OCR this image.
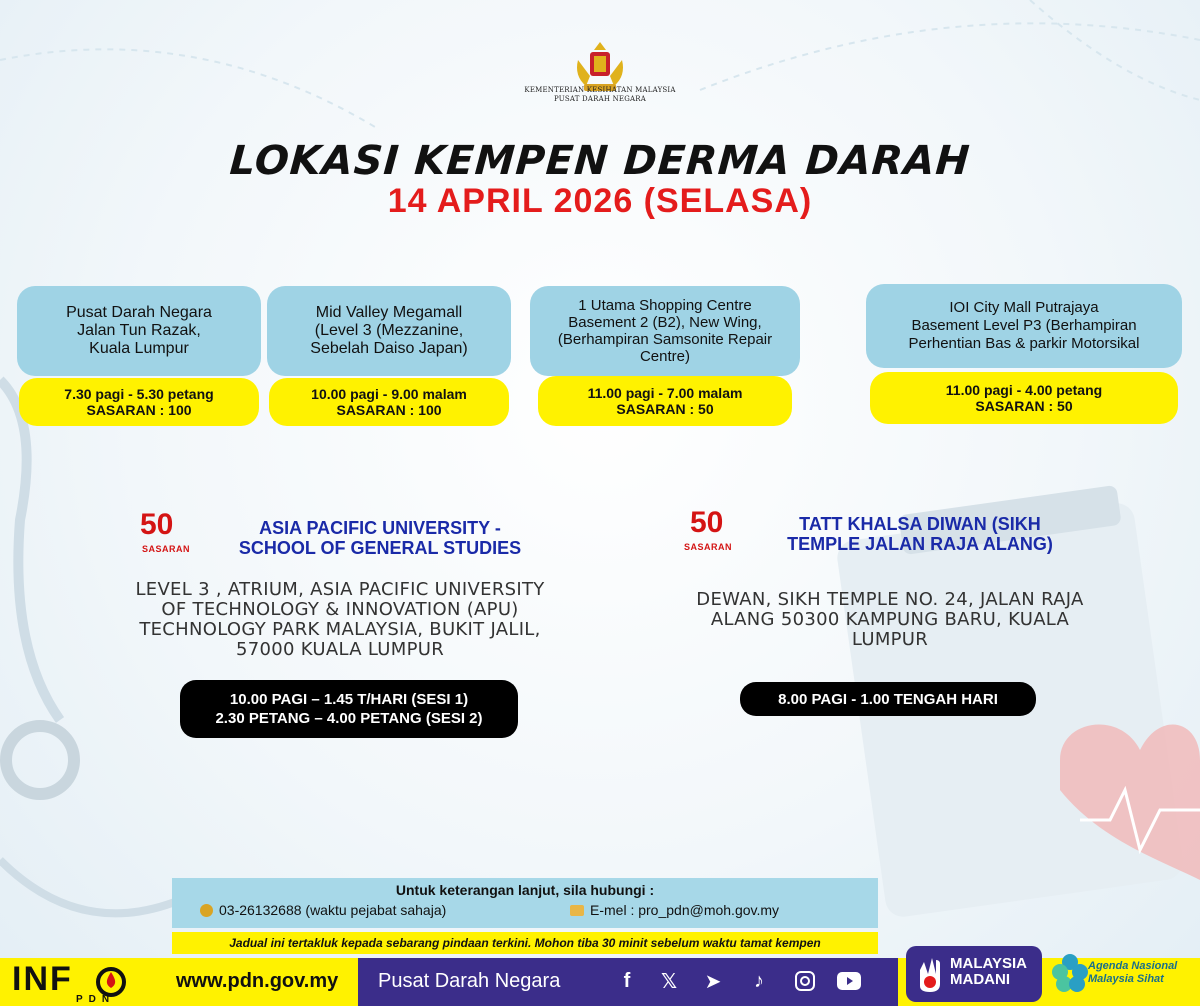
KEMENTERIAN KESIHATAN MALAYSIA
PUSAT DARAH NEGARA
LOKASI KEMPEN DERMA DARAH
14 APRIL 2026 (SELASA)
Pusat Darah Negara
Jalan Tun Razak,
Kuala Lumpur
7.30 pagi - 5.30 petang
SASARAN : 100
Mid Valley Megamall
(Level 3 (Mezzanine,
Sebelah Daiso Japan)
10.00 pagi - 9.00 malam
SASARAN : 100
1 Utama Shopping Centre
Basement 2 (B2), New Wing,
(Berhampiran Samsonite Repair
Centre)
11.00 pagi - 7.00 malam
SASARAN : 50
IOI City Mall Putrajaya
Basement Level P3 (Berhampiran
Perhentian Bas & parkir Motorsikal
11.00 pagi - 4.00 petang
SASARAN : 50
50
SASARAN
ASIA PACIFIC UNIVERSITY -
SCHOOL OF GENERAL STUDIES
LEVEL 3 , ATRIUM, ASIA PACIFIC UNIVERSITY
OF TECHNOLOGY & INNOVATION (APU)
TECHNOLOGY PARK MALAYSIA, BUKIT JALIL,
57000 KUALA LUMPUR
10.00 PAGI – 1.45 T/HARI (SESI 1)
2.30 PETANG – 4.00 PETANG (SESI 2)
50
SASARAN
TATT KHALSA DIWAN (SIKH
TEMPLE JALAN RAJA ALANG)
DEWAN, SIKH TEMPLE NO. 24, JALAN RAJA
ALANG 50300 KAMPUNG BARU, KUALA
LUMPUR
8.00 PAGI - 1.00 TENGAH HARI
Untuk keterangan lanjut, sila hubungi :
03-26132688 (waktu pejabat sahaja)	E-mel : pro_pdn@moh.gov.my
Jadual ini tertakluk kepada sebarang pindaan terkini. Mohon tiba 30 minit sebelum waktu tamat kempen
INF
PDN
www.pdn.gov.my Pusat Darah Negara	f	𝕏 ➤	♪
MALAYSIA
MADANI
Agenda Nasional
Malaysia Sihat
